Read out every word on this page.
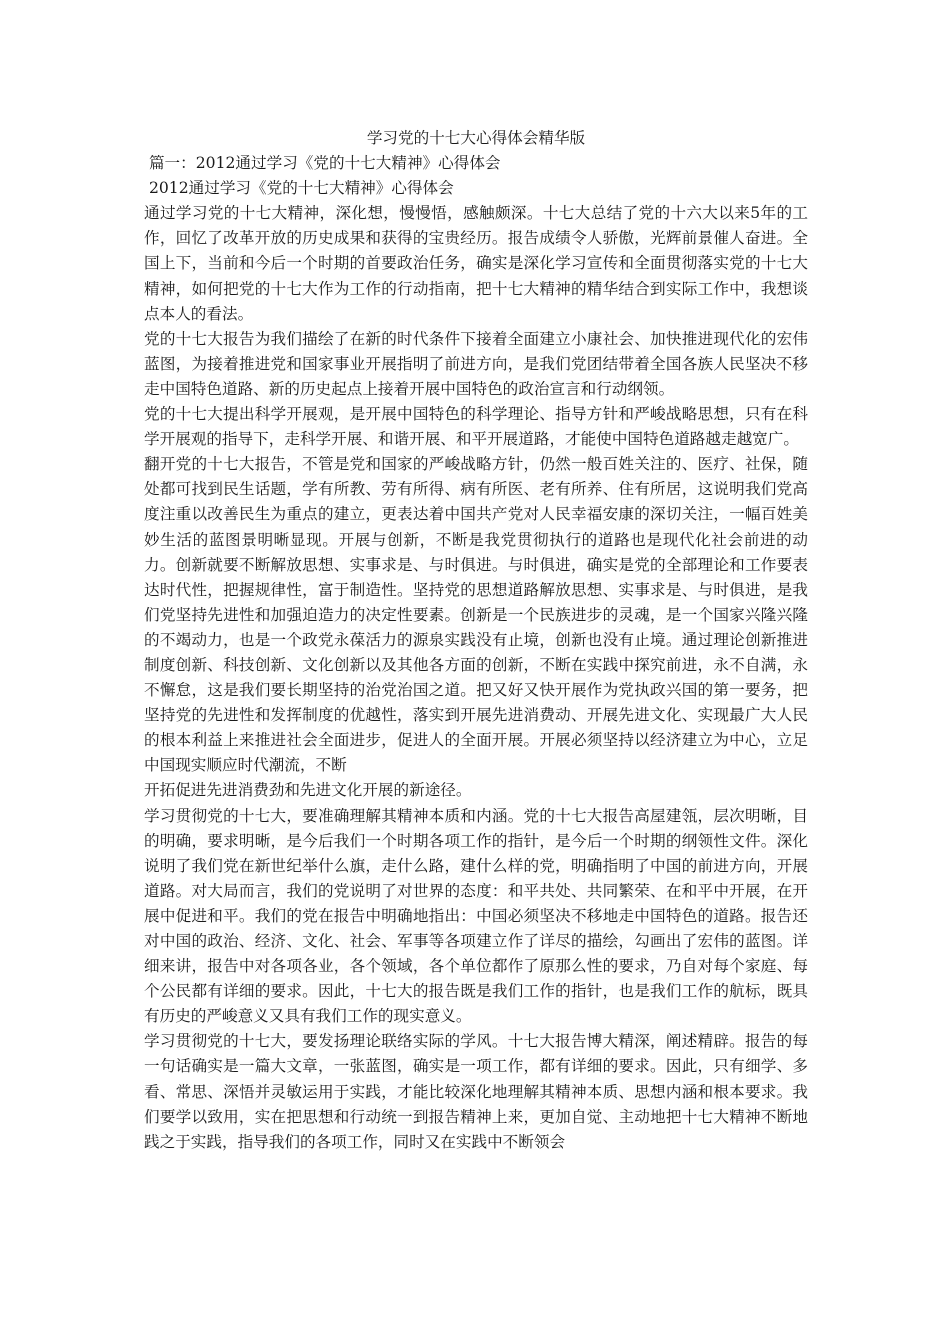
学习党的十七大心得体会精华版

篇一：2012通过学习《党的十七大精神》心得体会

2012通过学习《党的十七大精神》心得体会

通过学习党的十七大精神，深化想，慢慢悟，感触颇深。十七大总结了党的十六大以来5年的工作，回忆了改革开放的历史成果和获得的宝贵经历。报告成绩令人骄傲，光辉前景催人奋进。全国上下，当前和今后一个时期的首要政治任务，确实是深化学习宣传和全面贯彻落实党的十七大精神，如何把党的十七大作为工作的行动指南，把十七大精神的精华结合到实际工作中，我想谈点本人的看法。

党的十七大报告为我们描绘了在新的时代条件下接着全面建立小康社会、加快推进现代化的宏伟蓝图，为接着推进党和国家事业开展指明了前进方向，是我们党团结带着全国各族人民坚决不移走中国特色道路、新的历史起点上接着开展中国特色的政治宣言和行动纲领。

党的十七大提出科学开展观，是开展中国特色的科学理论、指导方针和严峻战略思想，只有在科学开展观的指导下，走科学开展、和谐开展、和平开展道路，才能使中国特色道路越走越宽广。

翻开党的十七大报告，不管是党和国家的严峻战略方针，仍然一般百姓关注的、医疗、社保，随处都可找到民生话题，学有所教、劳有所得、病有所医、老有所养、住有所居，这说明我们党高度注重以改善民生为重点的建立，更表达着中国共产党对人民幸福安康的深切关注，一幅百姓美妙生活的蓝图景明晰显现。开展与创新，不断是我党贯彻执行的道路也是现代化社会前进的动力。创新就要不断解放思想、实事求是、与时俱进。与时俱进，确实是党的全部理论和工作要表达时代性，把握规律性，富于制造性。坚持党的思想道路解放思想、实事求是、与时俱进，是我们党坚持先进性和加强迫造力的决定性要素。创新是一个民族进步的灵魂，是一个国家兴隆兴隆的不竭动力，也是一个政党永葆活力的源泉实践没有止境，创新也没有止境。通过理论创新推进制度创新、科技创新、文化创新以及其他各方面的创新，不断在实践中探究前进，永不自满，永不懈怠，这是我们要长期坚持的治党治国之道。把又好又快开展作为党执政兴国的第一要务，把坚持党的先进性和发挥制度的优越性，落实到开展先进消费动、开展先进文化、实现最广大人民的根本利益上来推进社会全面进步，促进人的全面开展。开展必须坚持以经济建立为中心，立足中国现实顺应时代潮流，不断

开拓促进先进消费劲和先进文化开展的新途径。

学习贯彻党的十七大，要准确理解其精神本质和内涵。党的十七大报告高屋建瓴，层次明晰，目的明确，要求明晰，是今后我们一个时期各项工作的指针，是今后一个时期的纲领性文件。深化说明了我们党在新世纪举什么旗，走什么路，建什么样的党，明确指明了中国的前进方向，开展道路。对大局而言，我们的党说明了对世界的态度：和平共处、共同繁荣、在和平中开展，在开展中促进和平。我们的党在报告中明确地指出：中国必须坚决不移地走中国特色的道路。报告还对中国的政治、经济、文化、社会、军事等各项建立作了详尽的描绘，勾画出了宏伟的蓝图。详细来讲，报告中对各项各业，各个领域，各个单位都作了原那么性的要求，乃自对每个家庭、每个公民都有详细的要求。因此，十七大的报告既是我们工作的指针，也是我们工作的航标，既具有历史的严峻意义又具有我们工作的现实意义。

学习贯彻党的十七大，要发扬理论联络实际的学风。十七大报告博大精深，阐述精辟。报告的每一句话确实是一篇大文章，一张蓝图，确实是一项工作，都有详细的要求。因此，只有细学、多看、常思、深悟并灵敏运用于实践，才能比较深化地理解其精神本质、思想内涵和根本要求。我们要学以致用，实在把思想和行动统一到报告精神上来，更加自觉、主动地把十七大精神不断地践之于实践，指导我们的各项工作，同时又在实践中不断领会
